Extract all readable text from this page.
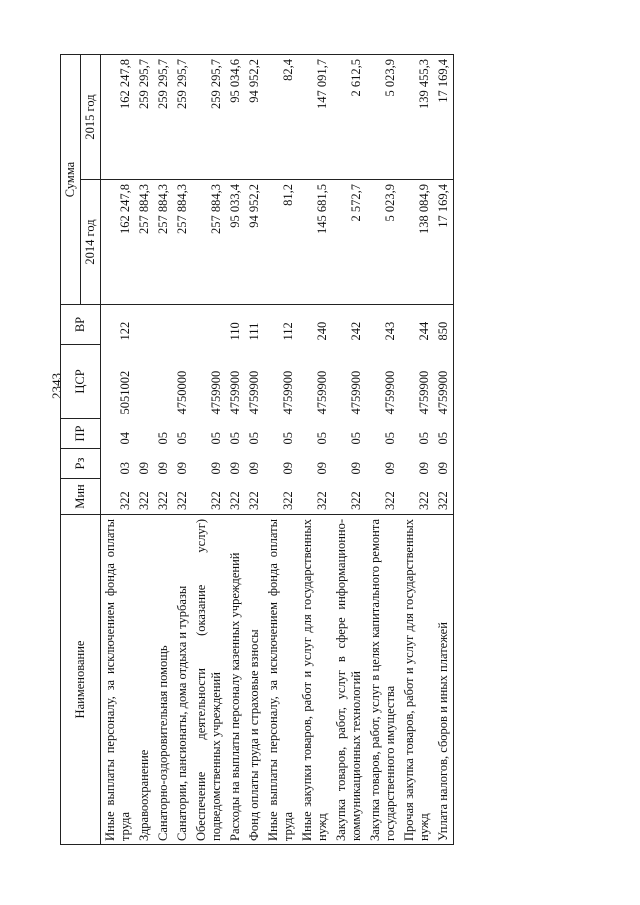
2343
Наименование	Мин	Рз	ПР	ЦСР	ВР	Сумма	
						2014 год	2015 год
Иные выплаты персоналу, за исключением фонда оплаты труда	322	03	04	5051002	122	162 247,8	162 247,8
Здравоохранение	322	09				257 884,3	259 295,7
Санаторно-оздоровительная помощь	322	09	05			257 884,3	259 295,7
Санатории, пансионаты, дома отдыха и турбазы	322	09	05	4750000		257 884,3	259 295,7
Обеспечение деятельности (оказание услуг) подведомственных учреждений	322	09	05	4759900		257 884,3	259 295,7
Расходы на выплаты персоналу казенных учреждений	322	09	05	4759900	110	95 033,4	95 034,6
Фонд оплаты труда и страховые взносы	322	09	05	4759900	111	94 952,2	94 952,2
Иные выплаты персоналу, за исключением фонда оплаты труда	322	09	05	4759900	112	81,2	82,4
Иные закупки товаров, работ и услуг для государственных нужд	322	09	05	4759900	240	145 681,5	147 091,7
Закупка товаров, работ, услуг в сфере информационно-коммуникационных технологий	322	09	05	4759900	242	2 572,7	2 612,5
Закупка товаров, работ, услуг в целях капитального ремонта государственного имущества	322	09	05	4759900	243	5 023,9	5 023,9
Прочая закупка товаров, работ и услуг для государственных нужд	322	09	05	4759900	244	138 084,9	139 455,3
Уплата налогов, сборов и иных платежей	322	09	05	4759900	850	17 169,4	17 169,4
